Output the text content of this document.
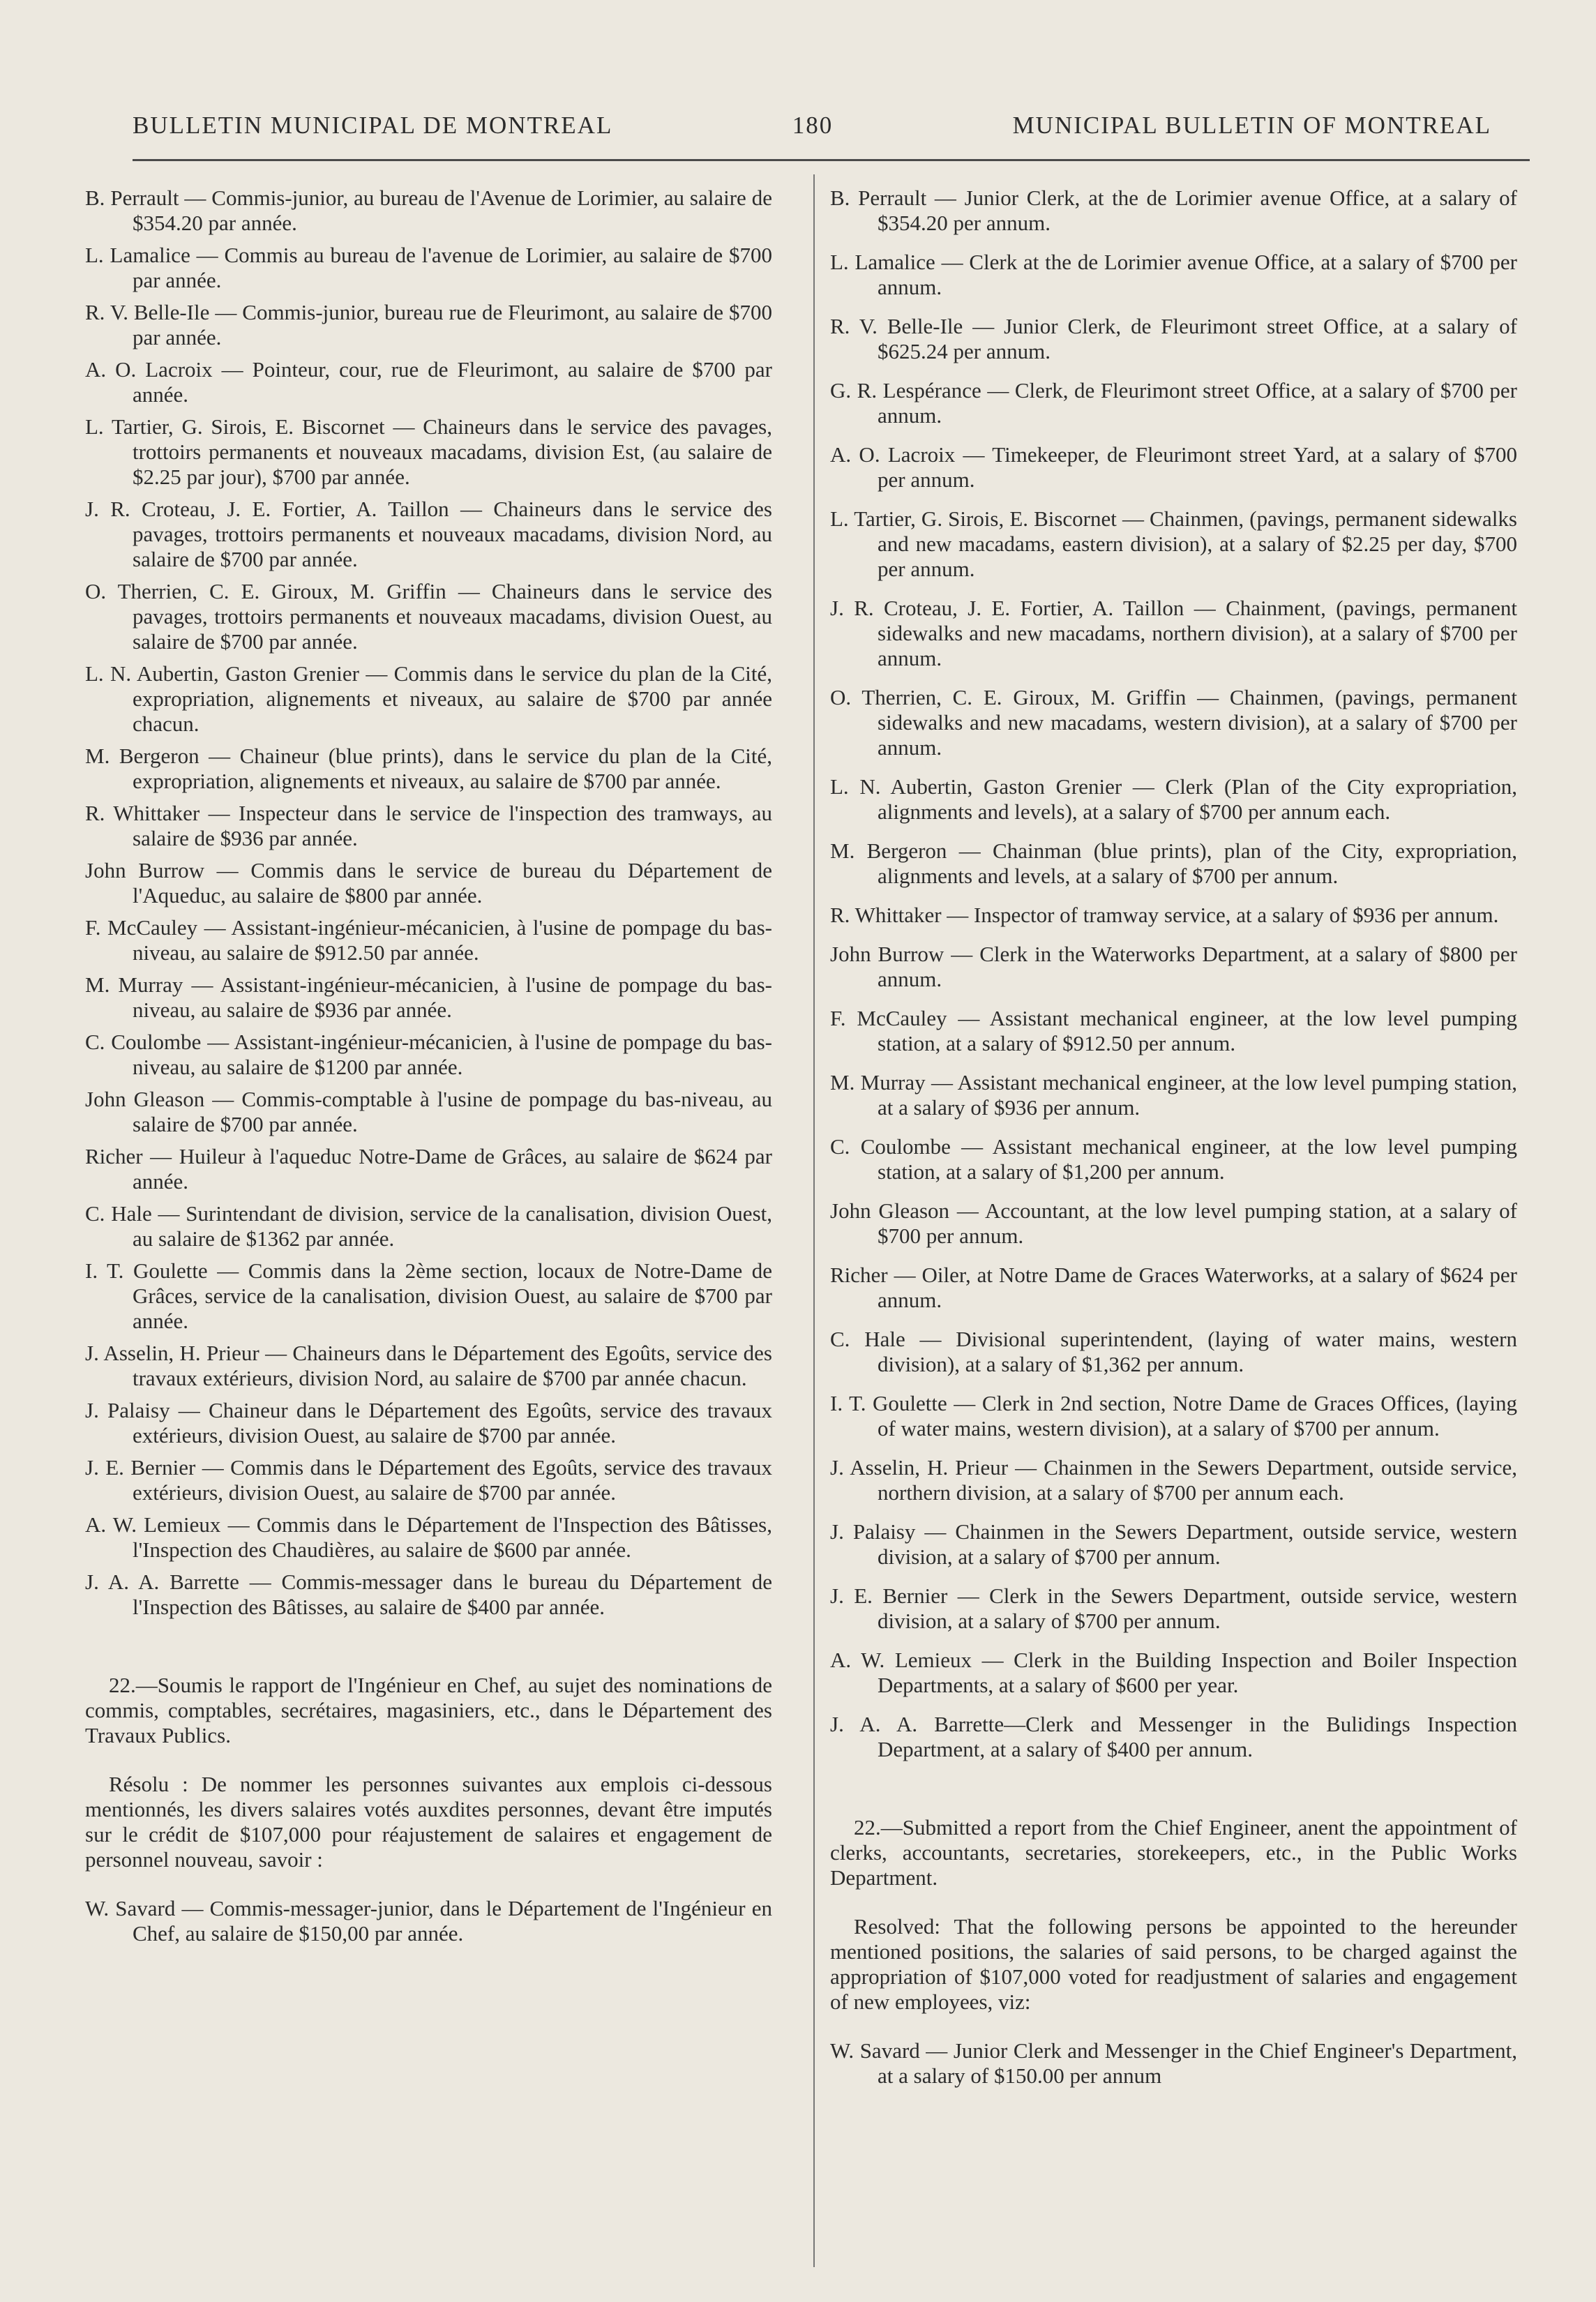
BULLETIN MUNICIPAL DE MONTREAL	180	MUNICIPAL BULLETIN OF MONTREAL

B. Perrault — Commis-junior, au bureau de l'Avenue de Lorimier, au salaire de $354.20 par année.

L. Lamalice — Commis au bureau de l'avenue de Lorimier, au salaire de $700 par année.

R. V. Belle-Ile — Commis-junior, bureau rue de Fleurimont, au salaire de $700 par année.

A. O. Lacroix — Pointeur, cour, rue de Fleurimont, au salaire de $700 par année.

L. Tartier, G. Sirois, E. Biscornet — Chaineurs dans le service des pavages, trottoirs permanents et nouveaux macadams, division Est, (au salaire de $2.25 par jour), $700 par année.

J. R. Croteau, J. E. Fortier, A. Taillon — Chaineurs dans le service des pavages, trottoirs permanents et nouveaux macadams, division Nord, au salaire de $700 par année.

O. Therrien, C. E. Giroux, M. Griffin — Chaineurs dans le service des pavages, trottoirs permanents et nouveaux macadams, division Ouest, au salaire de $700 par année.

L. N. Aubertin, Gaston Grenier — Commis dans le service du plan de la Cité, expropriation, alignements et niveaux, au salaire de $700 par année chacun.

M. Bergeron — Chaineur (blue prints), dans le service du plan de la Cité, expropriation, alignements et niveaux, au salaire de $700 par année.

R. Whittaker — Inspecteur dans le service de l'inspection des tramways, au salaire de $936 par année.

John Burrow — Commis dans le service de bureau du Département de l'Aqueduc, au salaire de $800 par année.

F. McCauley — Assistant-ingénieur-mécanicien, à l'usine de pompage du bas-niveau, au salaire de $912.50 par année.

M. Murray — Assistant-ingénieur-mécanicien, à l'usine de pompage du bas-niveau, au salaire de $936 par année.

C. Coulombe — Assistant-ingénieur-mécanicien, à l'usine de pompage du bas-niveau, au salaire de $1200 par année.

John Gleason — Commis-comptable à l'usine de pompage du bas-niveau, au salaire de $700 par année.

Richer — Huileur à l'aqueduc Notre-Dame de Grâces, au salaire de $624 par année.

C. Hale — Surintendant de division, service de la canalisation, division Ouest, au salaire de $1362 par année.

I. T. Goulette — Commis dans la 2ème section, locaux de Notre-Dame de Grâces, service de la canalisation, division Ouest, au salaire de $700 par année.

J. Asselin, H. Prieur — Chaineurs dans le Département des Egoûts, service des travaux extérieurs, division Nord, au salaire de $700 par année chacun.

J. Palaisy — Chaineur dans le Département des Egoûts, service des travaux extérieurs, division Ouest, au salaire de $700 par année.

J. E. Bernier — Commis dans le Département des Egoûts, service des travaux extérieurs, division Ouest, au salaire de $700 par année.

A. W. Lemieux — Commis dans le Département de l'Inspection des Bâtisses, l'Inspection des Chaudières, au salaire de $600 par année.

J. A. A. Barrette — Commis-messager dans le bureau du Département de l'Inspection des Bâtisses, au salaire de $400 par année.

22.—Soumis le rapport de l'Ingénieur en Chef, au sujet des nominations de commis, comptables, secrétaires, magasiniers, etc., dans le Département des Travaux Publics.

Résolu : De nommer les personnes suivantes aux emplois ci-dessous mentionnés, les divers salaires votés auxdites personnes, devant être imputés sur le crédit de $107,000 pour réajustement de salaires et engagement de personnel nouveau, savoir :

W. Savard — Commis-messager-junior, dans le Département de l'Ingénieur en Chef, au salaire de $150,00 par année.

B. Perrault — Junior Clerk, at the de Lorimier avenue Office, at a salary of $354.20 per annum.

L. Lamalice — Clerk at the de Lorimier avenue Office, at a salary of $700 per annum.

R. V. Belle-Ile — Junior Clerk, de Fleurimont street Office, at a salary of $625.24 per annum.

G. R. Lespérance — Clerk, de Fleurimont street Office, at a salary of $700 per annum.

A. O. Lacroix — Timekeeper, de Fleurimont street Yard, at a salary of $700 per annum.

L. Tartier, G. Sirois, E. Biscornet — Chainmen, (pavings, permanent sidewalks and new macadams, eastern division), at a salary of $2.25 per day, $700 per annum.

J. R. Croteau, J. E. Fortier, A. Taillon — Chainment, (pavings, permanent sidewalks and new macadams, northern division), at a salary of $700 per annum.

O. Therrien, C. E. Giroux, M. Griffin — Chainmen, (pavings, permanent sidewalks and new macadams, western division), at a salary of $700 per annum.

L. N. Aubertin, Gaston Grenier — Clerk (Plan of the City expropriation, alignments and levels), at a salary of $700 per annum each.

M. Bergeron — Chainman (blue prints), plan of the City, expropriation, alignments and levels, at a salary of $700 per annum.

R. Whittaker — Inspector of tramway service, at a salary of $936 per annum.

John Burrow — Clerk in the Waterworks Department, at a salary of $800 per annum.

F. McCauley — Assistant mechanical engineer, at the low level pumping station, at a salary of $912.50 per annum.

M. Murray — Assistant mechanical engineer, at the low level pumping station, at a salary of $936 per annum.

C. Coulombe — Assistant mechanical engineer, at the low level pumping station, at a salary of $1,200 per annum.

John Gleason — Accountant, at the low level pumping station, at a salary of $700 per annum.

Richer — Oiler, at Notre Dame de Graces Waterworks, at a salary of $624 per annum.

C. Hale — Divisional superintendent, (laying of water mains, western division), at a salary of $1,362 per annum.

I. T. Goulette — Clerk in 2nd section, Notre Dame de Graces Offices, (laying of water mains, western division), at a salary of $700 per annum.

J. Asselin, H. Prieur — Chainmen in the Sewers Department, outside service, northern division, at a salary of $700 per annum each.

J. Palaisy — Chainmen in the Sewers Department, outside service, western division, at a salary of $700 per annum.

J. E. Bernier — Clerk in the Sewers Department, outside service, western division, at a salary of $700 per annum.

A. W. Lemieux — Clerk in the Building Inspection and Boiler Inspection Departments, at a salary of $600 per year.

J. A. A. Barrette—Clerk and Messenger in the Bulidings Inspection Department, at a salary of $400 per annum.

22.—Submitted a report from the Chief Engineer, anent the appointment of clerks, accountants, secretaries, storekeepers, etc., in the Public Works Department.

Resolved: That the following persons be appointed to the hereunder mentioned positions, the salaries of said persons, to be charged against the appropriation of $107,000 voted for readjustment of salaries and engagement of new employees, viz:

W. Savard — Junior Clerk and Messenger in the Chief Engineer's Department, at a salary of $150.00 per annum
